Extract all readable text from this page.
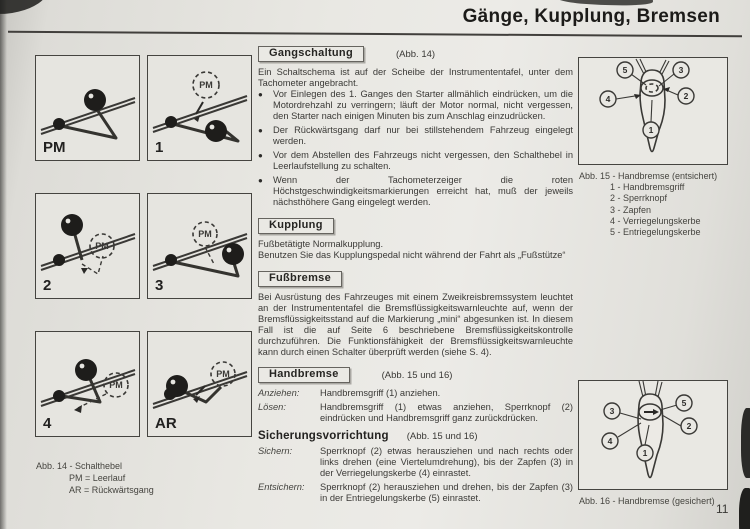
Gänge, Kupplung, Bremsen
PM
PM
1
PM
2
PM
3
PM
4
PM
AR
Abb. 14 - Schalthebel
PM = Leerlauf
AR = Rückwärtsgang
Gangschaltung	(Abb. 14)

Ein Schaltschema ist auf der Scheibe der Instrumententafel, unter dem Tachometer angebracht.

●	Vor Einlegen des 1. Ganges den Starter allmählich eindrücken, um die Motordrehzahl zu verringern; läuft der Motor normal, nicht vergessen, den Starter nach einigen Minuten bis zum Anschlag einzudrücken.
●	Der Rückwärtsgang darf nur bei stillstehendem Fahrzeug eingelegt werden.
●	Vor dem Abstellen des Fahrzeugs nicht vergessen, den Schalthebel in Leerlaufstellung zu schalten.
●	Wenn der Tachometerzeiger die roten Höchstgeschwindigkeitsmarkierungen erreicht hat, muß der jeweils nächsthöhere Gang eingelegt werden.
Kupplung

Fußbetätigte Normalkupplung.

Benutzen Sie das Kupplungspedal nicht während der Fahrt als „Fußstütze“

Fußbremse

Bei Ausrüstung des Fahrzeuges mit einem Zweikreisbremssystem leuchtet an der Instrumententafel die Bremsflüssigkeitswarnleuchte auf, wenn der Bremsflüssigkeitsstand auf die Markierung „mini“ abgesunken ist. In diesem Fall ist die auf Seite 6 beschriebene Bremsflüssigkeitskontrolle durchzuführen. Die Funktionsfähigkeit der Bremsflüssigkeitswarnleuchte kann durch einen Schalter überprüft werden (siehe S. 4).

Handbremse	(Abb. 15 und 16)
Anziehen:	Handbremsgriff (1) anziehen.
Lösen:	Handbremsgriff (1) etwas anziehen, Sperrknopf (2) eindrücken und Handbremsgriff ganz zurückdrücken.
Sicherungsvorrichtung (Abb. 15 und 16)
Sichern:	Sperrknopf (2) etwas herausziehen und nach rechts oder links drehen (eine Viertelumdrehung), bis der Zapfen (3) in der Verriegelungskerbe (4) einrastet.
Entsichern:	Sperrknopf (2) herausziehen und drehen, bis der Zapfen (3) in der Entriegelungskerbe (5) einrastet.
5	3
2
4
1
Abb. 15 - Handbremse (entsichert)
1 - Handbremsgriff
2 - Sperrknopf
3 - Zapfen
4 - Verriegelungskerbe
5 - Entriegelungskerbe
3
4
5
2
1
Abb. 16 - Handbremse (gesichert)
11
